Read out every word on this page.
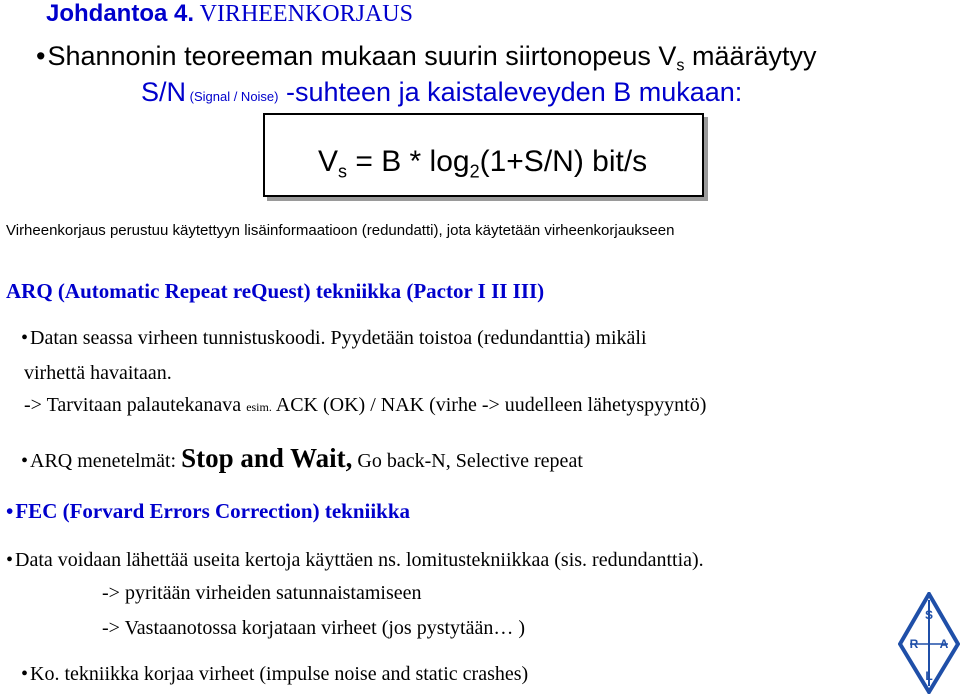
Johdantoa 4. VIRHEENKORJAUS
•Shannonin teoreeman mukaan suurin siirtonopeus $V_s$ määräytyy
S/N (Signal / Noise) -suhteen ja kaistaleveyden B mukaan:
$V_s = B * \log_2(1+S/N)$ bit/s
Virheenkorjaus perustuu käytettyyn lisäinformaatioon (redundatti), jota käytetään virheenkorjaukseen
ARQ (Automatic Repeat reQuest) tekniikka (Pactor I II III)
• Datan seassa virheen tunnistuskoodi. Pyydetään toistoa (redundanttia) mikäli
virhettä havaitaan.
-> Tarvitaan palautekanava esim. ACK (OK) / NAK (virhe -> uudelleen lähetyspyyntö)
• ARQ menetelmät: Stop and Wait, Go back-N, Selective repeat
•FEC (Forvard Errors Correction) tekniikka
• Data voidaan lähettää useita kertoja käyttäen ns. lomitustekniikkaa (sis. redundanttia).
-> pyritään virheiden satunnaistamiseen
-> Vastaanotossa korjataan virheet (jos pystytään… )
• Ko. tekniikka korjaa virheet (impulse noise and static crashes)
S
R A
L
